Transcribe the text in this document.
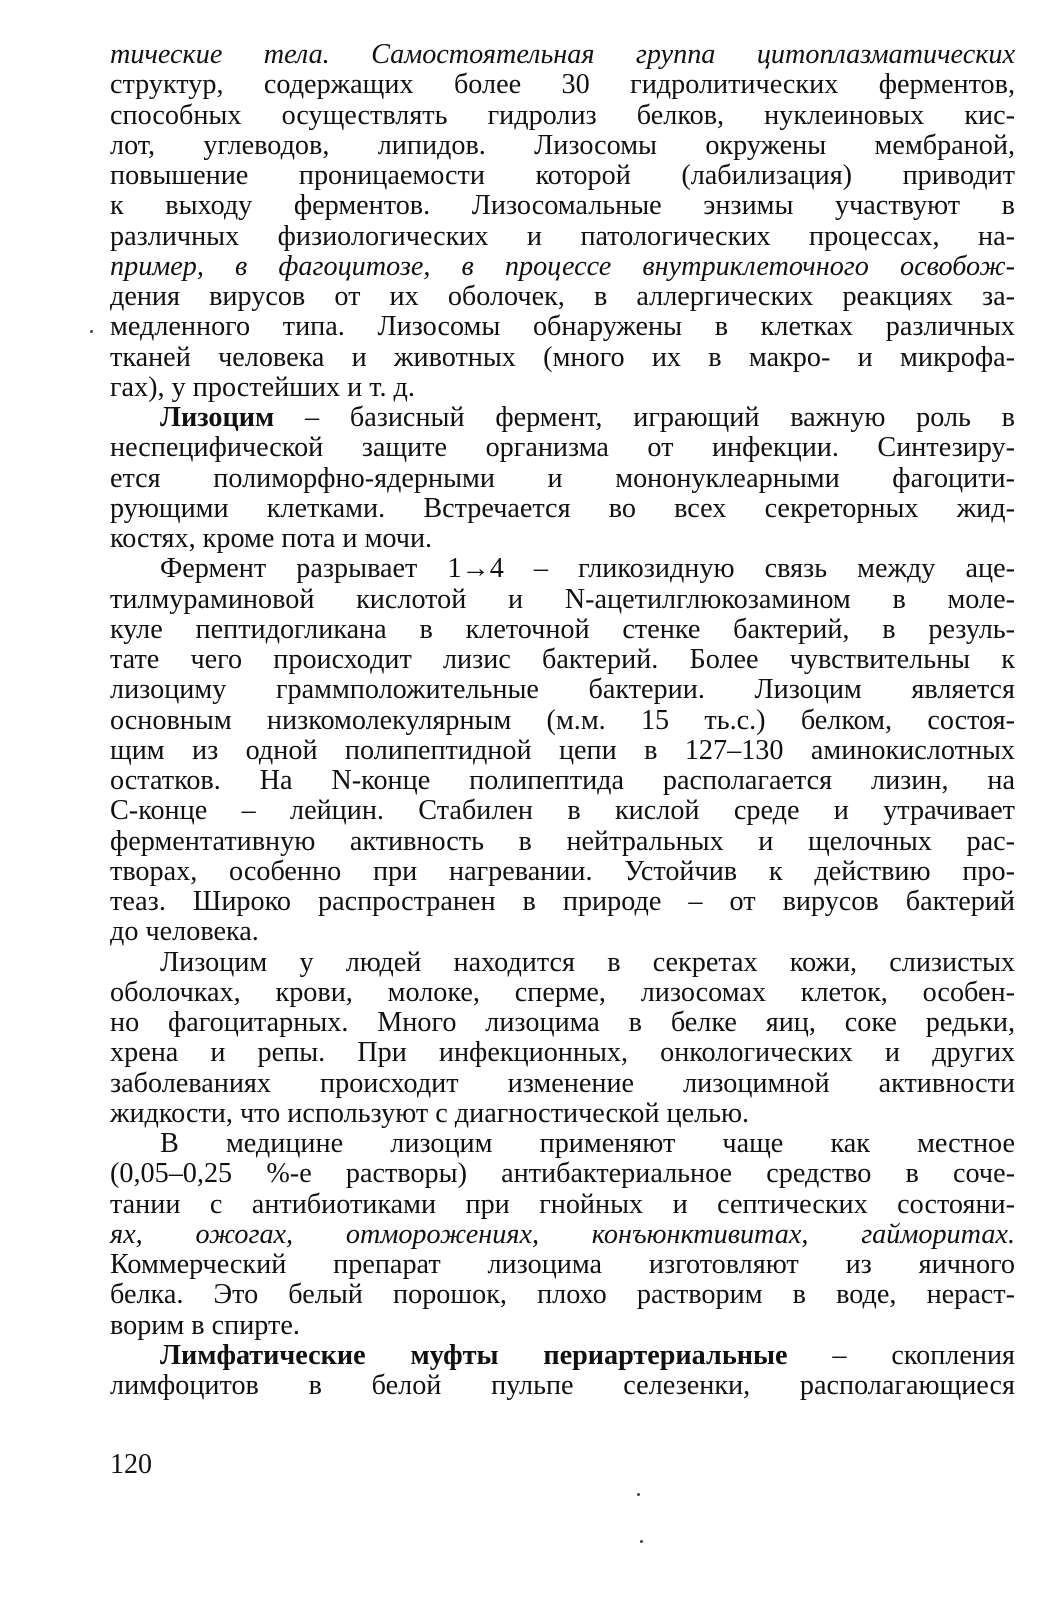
тические тела. Самостоятельная группа цитоплазматических
структур, содержащих более 30 гидролитических ферментов,
способных осуществлять гидролиз белков, нуклеиновых кис-
лот, углеводов, липидов. Лизосомы окружены мембраной,
повышение проницаемости которой (лабилизация) приводит
к выходу ферментов. Лизосомальные энзимы участвуют в
различных физиологических и патологических процессах, на-
пример, в фагоцитозе, в процессе внутриклеточного освобож-
дения вирусов от их оболочек, в аллергических реакциях за-
медленного типа. Лизосомы обнаружены в клетках различных
тканей человека и животных (много их в макро- и микрофа-
гах), у простейших и т. д.
Лизоцим – базисный фермент, играющий важную роль в
неспецифической защите организма от инфекции. Синтезиру-
ется полиморфно-ядерными и мононуклеарными фагоцити-
рующими клетками. Встречается во всех секреторных жид-
костях, кроме пота и мочи.
Фермент разрывает 1→4 – гликозидную связь между аце-
тилмураминовой кислотой и N-ацетилглюкозамином в моле-
куле пептидогликана в клеточной стенке бактерий, в резуль-
тате чего происходит лизис бактерий. Более чувствительны к
лизоциму граммположительные бактерии. Лизоцим является
основным низкомолекулярным (м.м. 15 ть.с.) белком, состоя-
щим из одной полипептидной цепи в 127–130 аминокислотных
остатков. На N-конце полипептида располагается лизин, на
С-конце – лейцин. Стабилен в кислой среде и утрачивает
ферментативную активность в нейтральных и щелочных рас-
творах, особенно при нагревании. Устойчив к действию про-
теаз. Широко распространен в природе – от вирусов бактерий
до человека.
Лизоцим у людей находится в секретах кожи, слизистых
оболочках, крови, молоке, сперме, лизосомах клеток, особен-
но фагоцитарных. Много лизоцима в белке яиц, соке редьки,
хрена и репы. При инфекционных, онкологических и других
заболеваниях происходит изменение лизоцимной активности
жидкости, что используют с диагностической целью.
В медицине лизоцим применяют чаще как местное
(0,05–0,25 %-е растворы) антибактериальное средство в соче-
тании с антибиотиками при гнойных и септических состояни-
ях, ожогах, отморожениях, конъюнктивитах, гайморитах.
Коммерческий препарат лизоцима изготовляют из яичного
белка. Это белый порошок, плохо растворим в воде, нераст-
ворим в спирте.
Лимфатические муфты периартериальные – скопления
лимфоцитов в белой пульпе селезенки, располагающиеся
120
